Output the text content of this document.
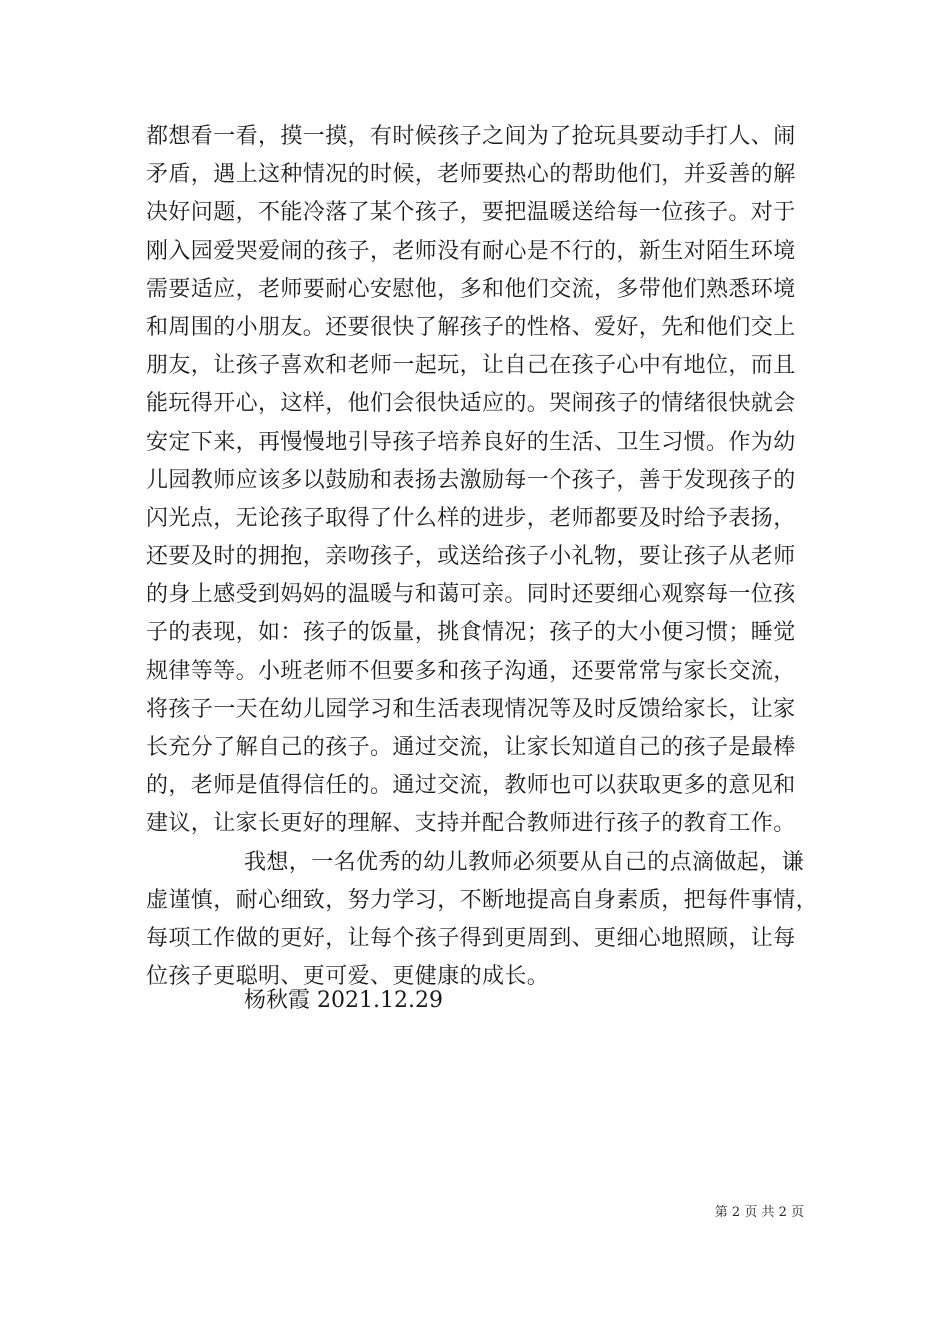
都想看一看，摸一摸，有时候孩子之间为了抢玩具要动手打人、闹
矛盾，遇上这种情况的时候，老师要热心的帮助他们，并妥善的解
决好问题，不能冷落了某个孩子，要把温暖送给每一位孩子。对于
刚入园爱哭爱闹的孩子，老师没有耐心是不行的，新生对陌生环境
需要适应，老师要耐心安慰他，多和他们交流，多带他们熟悉环境
和周围的小朋友。还要很快了解孩子的性格、爱好，先和他们交上
朋友，让孩子喜欢和老师一起玩，让自己在孩子心中有地位，而且
能玩得开心，这样，他们会很快适应的。哭闹孩子的情绪很快就会
安定下来，再慢慢地引导孩子培养良好的生活、卫生习惯。作为幼
儿园教师应该多以鼓励和表扬去激励每一个孩子，善于发现孩子的
闪光点，无论孩子取得了什么样的进步，老师都要及时给予表扬，
还要及时的拥抱，亲吻孩子，或送给孩子小礼物，要让孩子从老师
的身上感受到妈妈的温暖与和蔼可亲。同时还要细心观察每一位孩
子的表现，如：孩子的饭量，挑食情况；孩子的大小便习惯；睡觉
规律等等。小班老师不但要多和孩子沟通，还要常常与家长交流，
将孩子一天在幼儿园学习和生活表现情况等及时反馈给家长，让家
长充分了解自己的孩子。通过交流，让家长知道自己的孩子是最棒
的，老师是值得信任的。通过交流，教师也可以获取更多的意见和
建议，让家长更好的理解、支持并配合教师进行孩子的教育工作。
我想，一名优秀的幼儿教师必须要从自己的点滴做起，谦
虚谨慎，耐心细致，努力学习，不断地提高自身素质，把每件事情，
每项工作做的更好，让每个孩子得到更周到、更细心地照顾，让每
位孩子更聪明、更可爱、更健康的成长。
杨秋霞 2021.12.29
第 2 页 共 2 页
